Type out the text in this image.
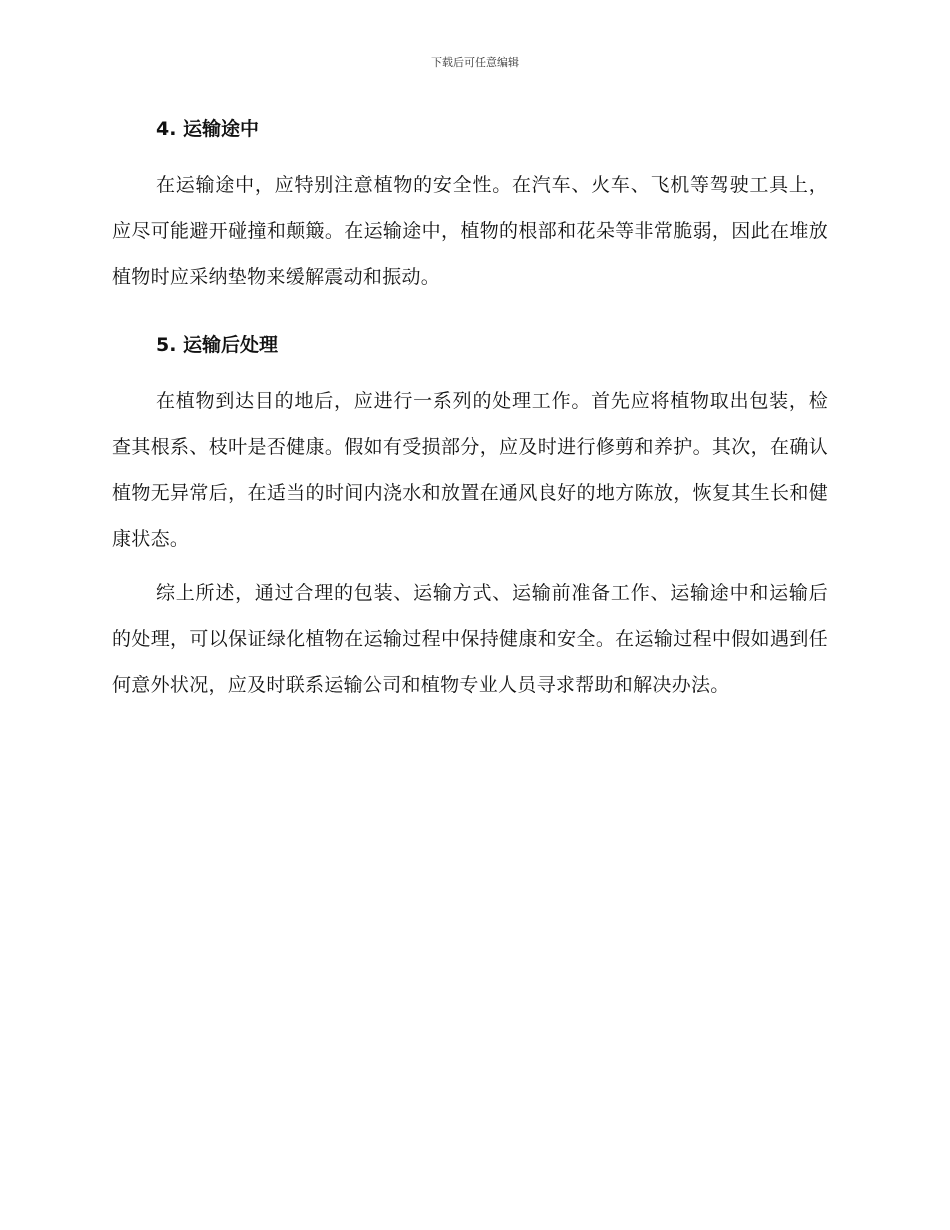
下载后可任意编辑
4. 运输途中

在运输途中，应特别注意植物的安全性。在汽车、火车、飞机等驾驶工具上，应尽可能避开碰撞和颠簸。在运输途中，植物的根部和花朵等非常脆弱，因此在堆放植物时应采纳垫物来缓解震动和振动。

5. 运输后处理

在植物到达目的地后，应进行一系列的处理工作。首先应将植物取出包装，检查其根系、枝叶是否健康。假如有受损部分，应及时进行修剪和养护。其次，在确认植物无异常后，在适当的时间内浇水和放置在通风良好的地方陈放，恢复其生长和健康状态。

综上所述，通过合理的包装、运输方式、运输前准备工作、运输途中和运输后的处理，可以保证绿化植物在运输过程中保持健康和安全。在运输过程中假如遇到任何意外状况，应及时联系运输公司和植物专业人员寻求帮助和解决办法。
